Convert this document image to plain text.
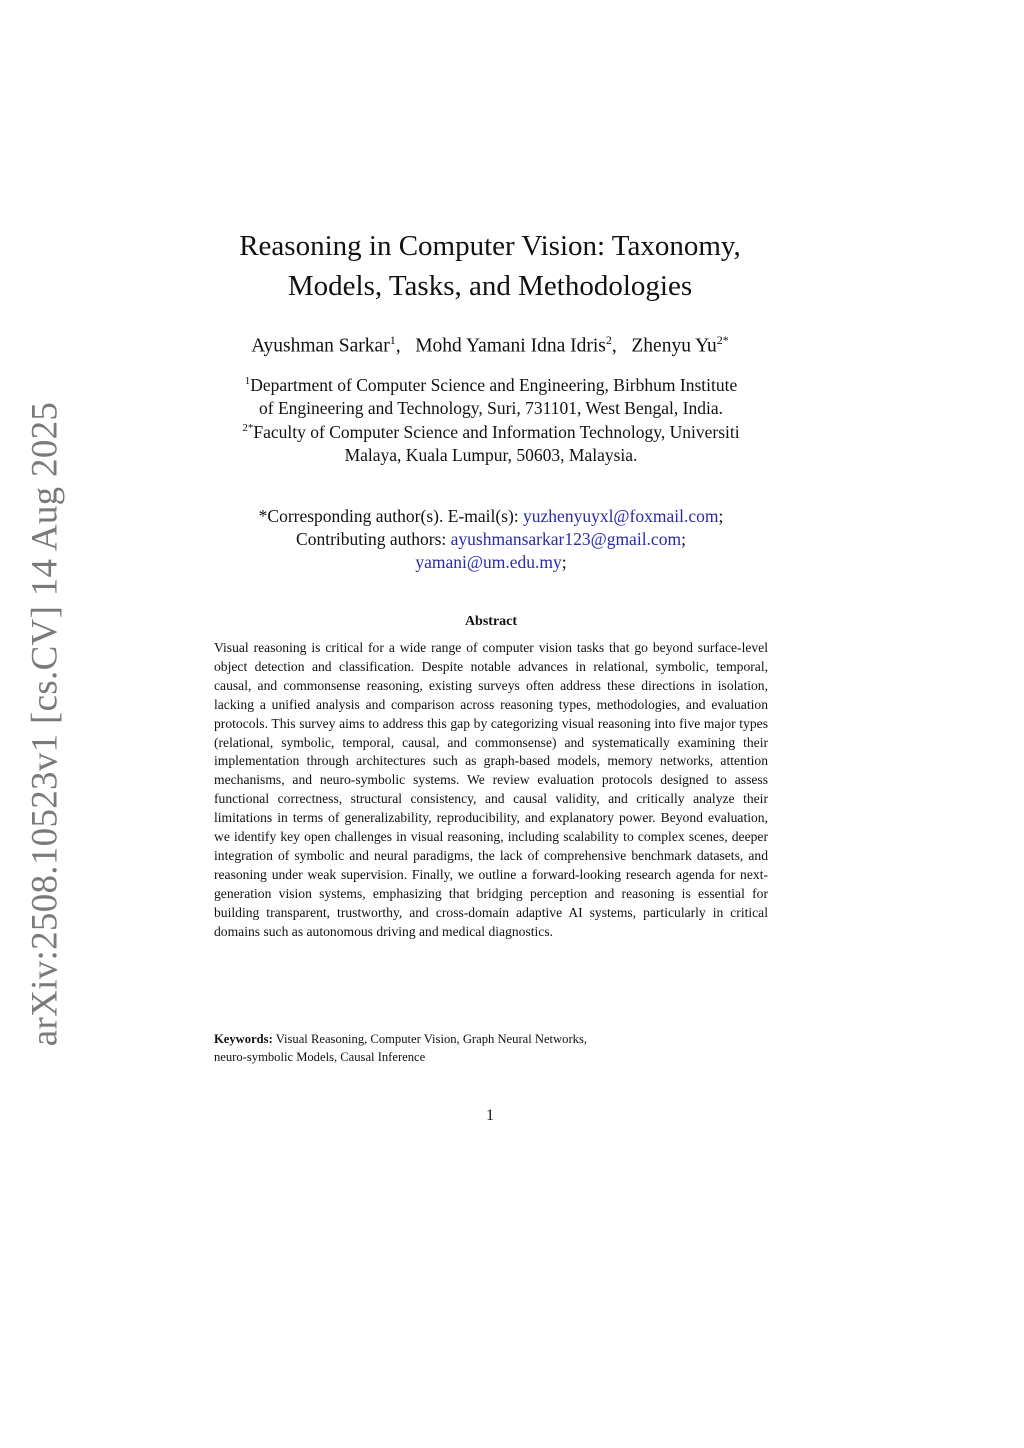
arXiv:2508.10523v1 [cs.CV] 14 Aug 2025
Reasoning in Computer Vision: Taxonomy,
Models, Tasks, and Methodologies
Ayushman Sarkar$^1$,   Mohd Yamani Idna Idris$^2$,   Zhenyu $Yu^{2*}$
$^1$Department of Computer Science and Engineering, Birbhum Institute
of Engineering and Technology, Suri, 731101, West Bengal, India.
$^{2*}$Faculty of Computer Science and Information Technology, Universiti
Malaya, Kuala Lumpur, 50603, Malaysia.
*Corresponding author(s). E-mail(s): yuzhenyuyxl@foxmail.com;
Contributing authors: ayushmansarkar123@gmail.com;
yamani@um.edu.my;
Abstract
Visual reasoning is critical for a wide range of computer vision tasks that go beyond surface-level object detection and classification. Despite notable advances in relational, symbolic, temporal, causal, and commonsense reasoning, existing surveys often address these directions in isolation, lacking a unified analysis and comparison across reasoning types, methodologies, and evaluation protocols. This survey aims to address this gap by categorizing visual reasoning into five major types (relational, symbolic, temporal, causal, and commonsense) and systematically examining their implementation through architectures such as graph-based models, memory networks, attention mechanisms, and neuro-symbolic systems. We review evaluation protocols designed to assess functional correctness, structural consistency, and causal validity, and critically analyze their limitations in terms of generalizability, reproducibility, and explanatory power. Beyond evaluation, we identify key open challenges in visual reasoning, including scalability to complex scenes, deeper integration of symbolic and neural paradigms, the lack of comprehensive benchmark datasets, and reasoning under weak supervision. Finally, we outline a forward-looking research agenda for next-generation vision systems, emphasizing that bridging perception and reasoning is essential for building transparent, trustworthy, and cross-domain adaptive AI systems, particularly in critical domains such as autonomous driving and medical diagnostics.
Keywords: Visual Reasoning, Computer Vision, Graph Neural Networks,
neuro-symbolic Models, Causal Inference
1
